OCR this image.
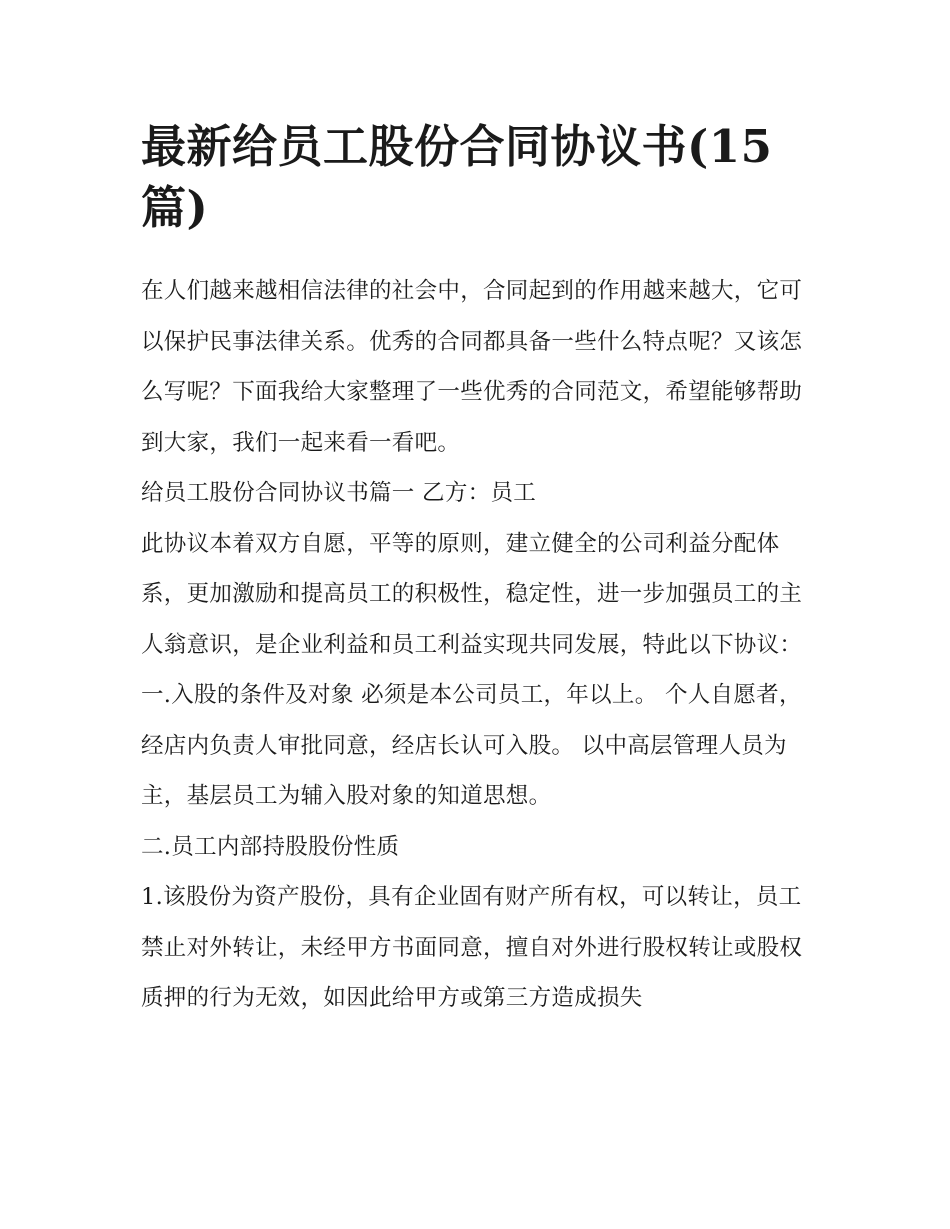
最新给员工股份合同协议书(15篇)

在人们越来越相信法律的社会中，合同起到的作用越来越大，它可以保护民事法律关系。优秀的合同都具备一些什么特点呢？又该怎么写呢？下面我给大家整理了一些优秀的合同范文，希望能够帮助到大家，我们一起来看一看吧。

给员工股份合同协议书篇一 乙方：员工

此协议本着双方自愿，平等的原则，建立健全的公司利益分配体系，更加激励和提高员工的积极性，稳定性，进一步加强员工的主人翁意识，是企业利益和员工利益实现共同发展，特此以下协议：

一.入股的条件及对象 必须是本公司员工，年以上。 个人自愿者，经店内负责人审批同意，经店长认可入股。 以中高层管理人员为主，基层员工为辅入股对象的知道思想。

二.员工内部持股股份性质

1.该股份为资产股份，具有企业固有财产所有权，可以转让，员工禁止对外转让，未经甲方书面同意，擅自对外进行股权转让或股权质押的行为无效，如因此给甲方或第三方造成损失
